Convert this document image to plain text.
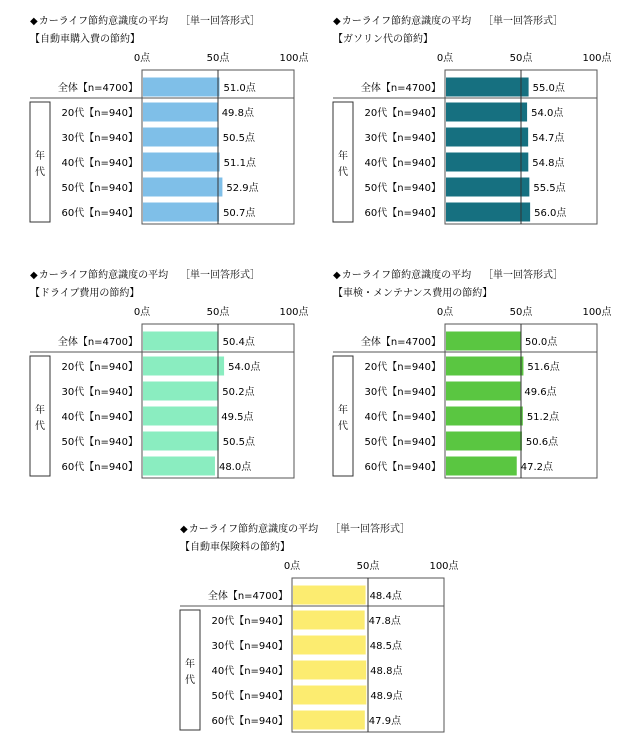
◆カーライフ節約意識度の平均 ［単一回答形式］
【自動車購入費の節約】
0点	50点	100点
全体【n=4700】	51.0点
20代【n=940】	49.8点
30代【n=940】	50.5点
40代【n=940】	51.1点
50代【n=940】	52.9点
60代【n=940】	50.7点
年
代
◆カーライフ節約意識度の平均 ［単一回答形式］
【ガソリン代の節約】
0点	50点	100点
全体【n=4700】	55.0点
20代【n=940】	54.0点
30代【n=940】	54.7点
40代【n=940】	54.8点
50代【n=940】	55.5点
60代【n=940】	56.0点
年
代
◆カーライフ節約意識度の平均 ［単一回答形式］
【ドライブ費用の節約】
0点	50点	100点
全体【n=4700】	50.4点
20代【n=940】	54.0点
30代【n=940】	50.2点
40代【n=940】	49.5点
50代【n=940】	50.5点
60代【n=940】	48.0点
年
代
◆カーライフ節約意識度の平均 ［単一回答形式］
【車検・メンテナンス費用の節約】
0点	50点	100点
全体【n=4700】	50.0点
20代【n=940】	51.6点
30代【n=940】	49.6点
40代【n=940】	51.2点
50代【n=940】	50.6点
60代【n=940】	47.2点
年
代
◆カーライフ節約意識度の平均 ［単一回答形式］
【自動車保険料の節約】
0点	50点	100点
全体【n=4700】	48.4点
20代【n=940】	47.8点
30代【n=940】	48.5点
40代【n=940】	48.8点
50代【n=940】	48.9点
60代【n=940】	47.9点
年
代
